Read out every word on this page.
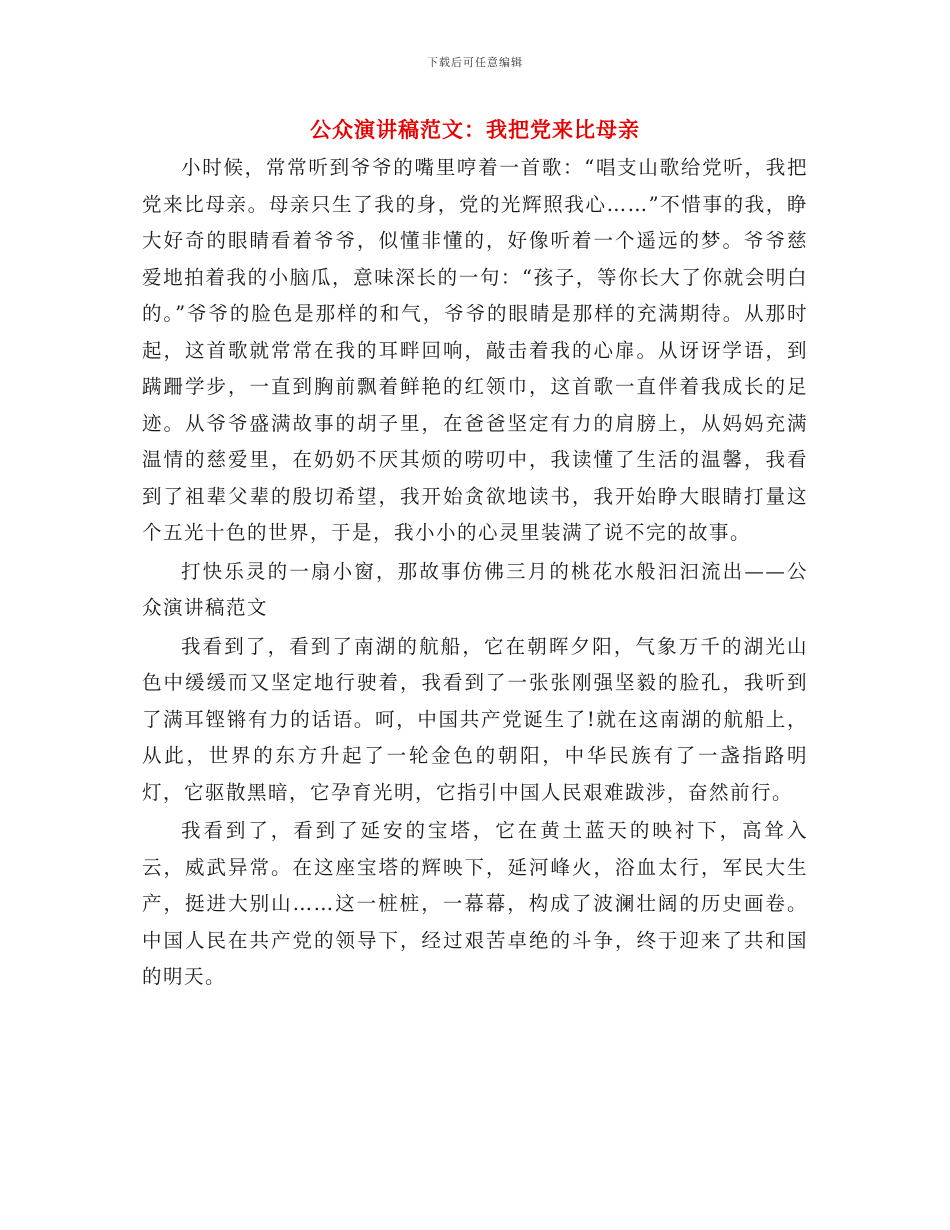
下载后可任意编辑
公众演讲稿范文：我把党来比母亲

小时候，常常听到爷爷的嘴里哼着一首歌：“唱支山歌给党听，我把党来比母亲。母亲只生了我的身，党的光辉照我心……”不惜事的我，睁大好奇的眼睛看着爷爷，似懂非懂的，好像听着一个遥远的梦。爷爷慈爱地拍着我的小脑瓜，意味深长的一句：“孩子，等你长大了你就会明白的。”爷爷的脸色是那样的和气，爷爷的眼睛是那样的充满期待。从那时起，这首歌就常常在我的耳畔回响，敲击着我的心扉。从讶讶学语，到蹒跚学步，一直到胸前飘着鲜艳的红领巾，这首歌一直伴着我成长的足迹。从爷爷盛满故事的胡子里，在爸爸坚定有力的肩膀上，从妈妈充满温情的慈爱里，在奶奶不厌其烦的唠叨中，我读懂了生活的温馨，我看到了祖辈父辈的殷切希望，我开始贪欲地读书，我开始睁大眼睛打量这个五光十色的世界，于是，我小小的心灵里装满了说不完的故事。

打快乐灵的一扇小窗，那故事仿佛三月的桃花水般汩汩流出——公众演讲稿范文

我看到了，看到了南湖的航船，它在朝晖夕阳，气象万千的湖光山色中缓缓而又坚定地行驶着，我看到了一张张刚强坚毅的脸孔，我听到了满耳铿锵有力的话语。呵，中国共产党诞生了!就在这南湖的航船上，从此，世界的东方升起了一轮金色的朝阳，中华民族有了一盏指路明灯，它驱散黑暗，它孕育光明，它指引中国人民艰难跋涉，奋然前行。

我看到了，看到了延安的宝塔，它在黄土蓝天的映衬下，高耸入云，威武异常。在这座宝塔的辉映下，延河峰火，浴血太行，军民大生产，挺进大别山……这一桩桩，一幕幕，构成了波澜壮阔的历史画卷。中国人民在共产党的领导下，经过艰苦卓绝的斗争，终于迎来了共和国的明天。
